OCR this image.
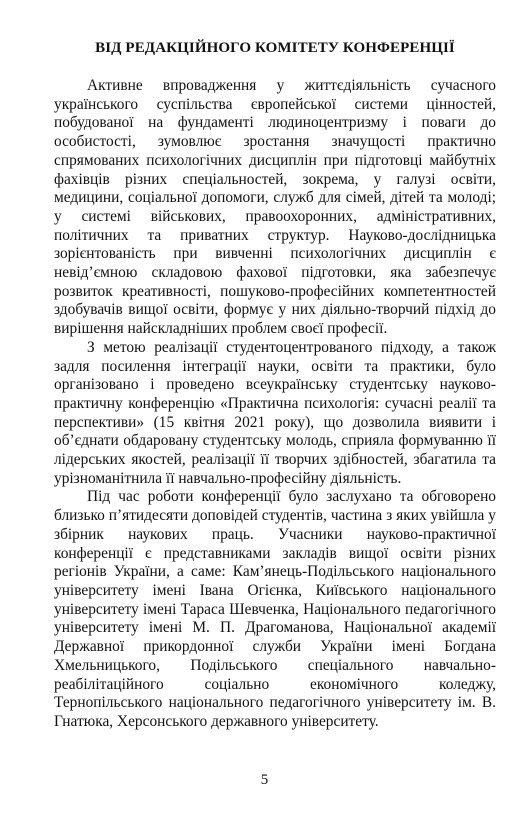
ВІД РЕДАКЦІЙНОГО КОМІТЕТУ КОНФЕРЕНЦІЇ

Активне впровадження у життєдіяльність сучасного українського суспільства європейської системи цінностей, побудованої на фундаменті людиноцентризму і поваги до особистості, зумовлює зростання значущості практично спрямованих психологічних дисциплін при підготовці майбутніх фахівців різних спеціальностей, зокрема, у галузі освіти, медицини, соціальної допомоги, служб для сімей, дітей та молоді; у системі військових, правоохоронних, адміністративних, політичних та приватних структур. Науково-дослідницька зорієнтованість при вивченні психологічних дисциплін є невід’ємною складовою фахової підготовки, яка забезпечує розвиток креативності, пошуково-професійних компетентностей здобувачів вищої освіти, формує у них діяльно-творчий підхід до вирішення найскладніших проблем своєї професії.

З метою реалізації студентоцентрованого підходу, а також задля посилення інтеграції науки, освіти та практики, було організовано і проведено всеукраїнську студентську науково-практичну конференцію «Практична психологія: сучасні реалії та перспективи» (15 квітня 2021 року), що дозволила виявити і об’єднати обдаровану студентську молодь, сприяла формуванню її лідерських якостей, реалізації її творчих здібностей, збагатила та урізноманітнила її навчально-професійну діяльність.

Під час роботи конференції було заслухано та обговорено близько п’ятидесяти доповідей студентів, частина з яких увійшла у збірник наукових праць. Учасники науково-практичної конференції є представниками закладів вищої освіти різних регіонів України, а саме: Кам’янець-Подільського національного університету імені Івана Огієнка, Київського національного університету імені Тараса Шевченка, Національного педагогічного університету імені М. П. Драгоманова, Національної академії Державної прикордонної служби України імені Богдана Хмельницького, Подільського спеціального навчально-реабілітаційного соціально економічного коледжу, Тернопільського національного педагогічного університету ім. В. Гнатюка, Херсонського державного університету.

5
